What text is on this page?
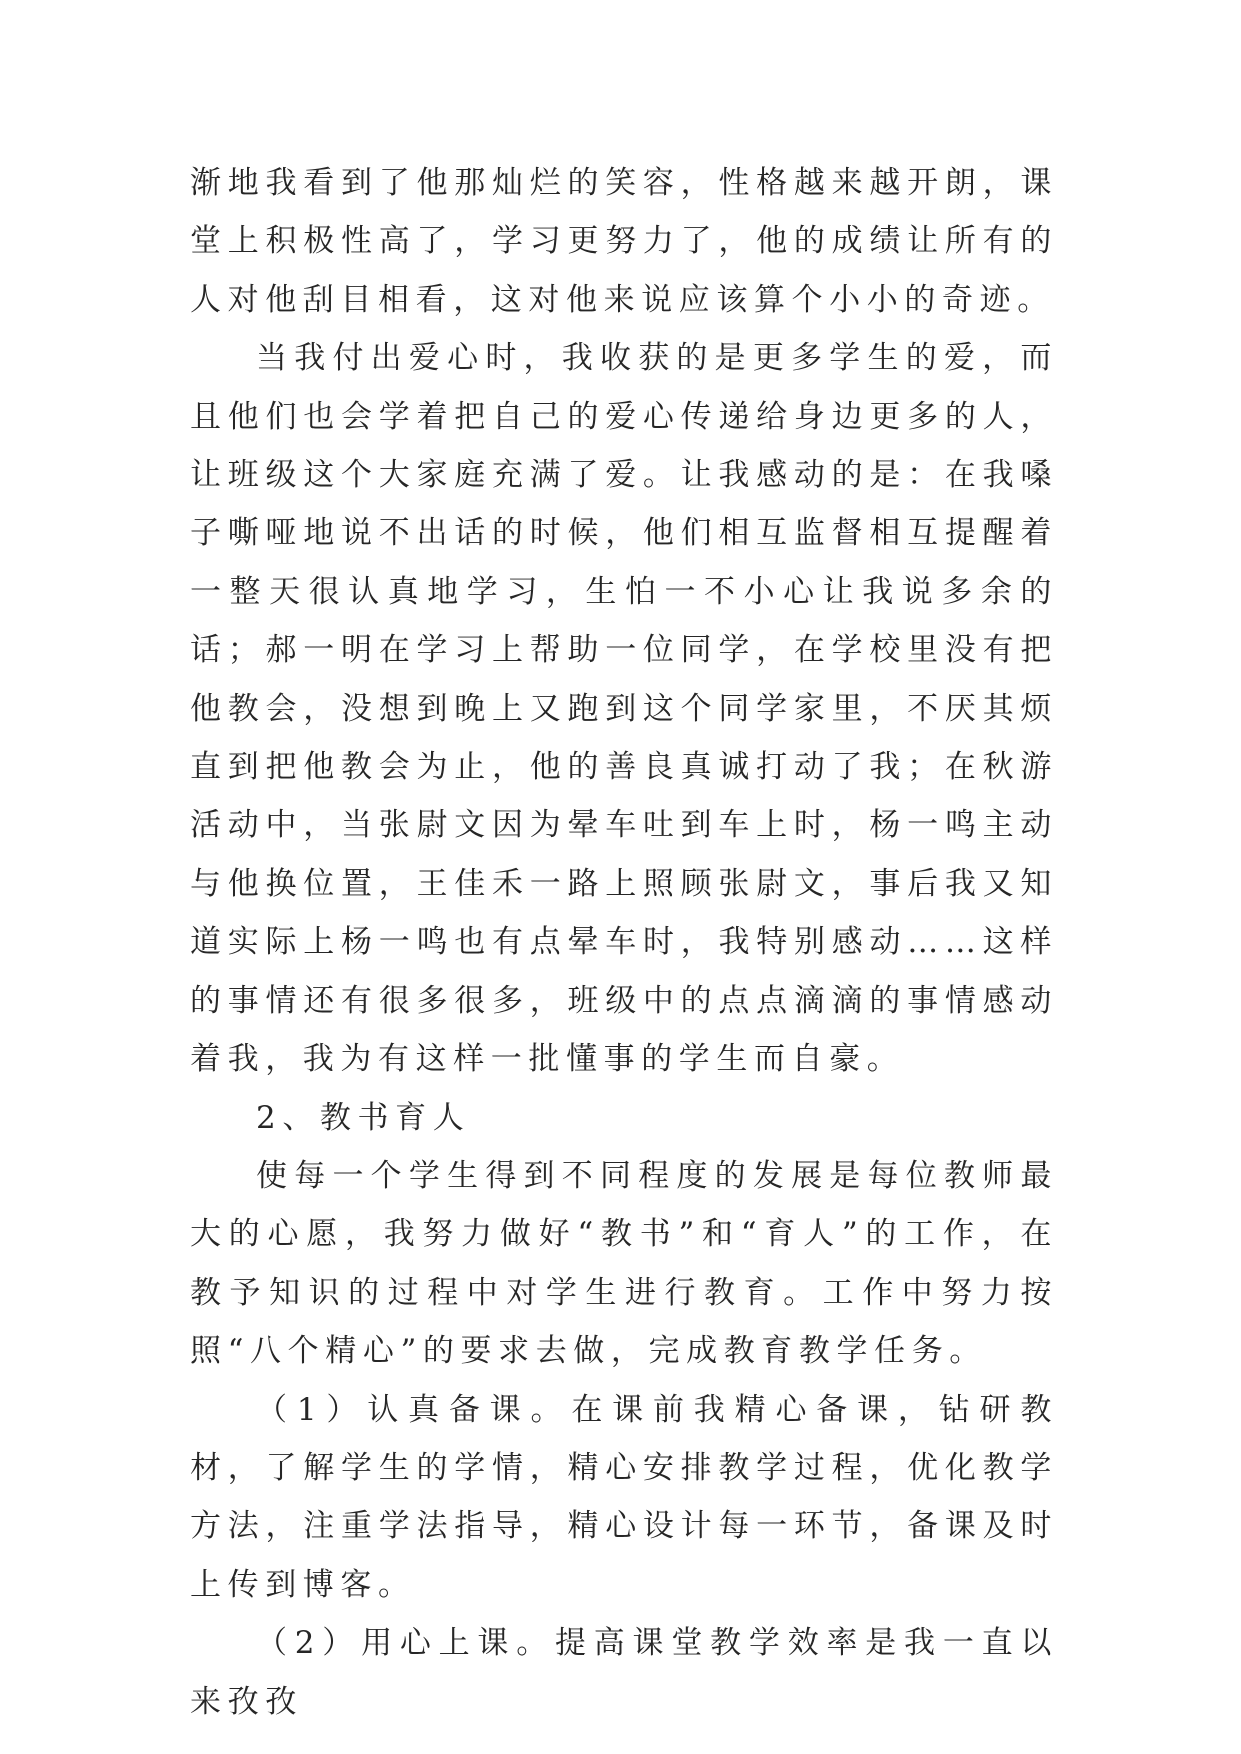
渐地我看到了他那灿烂的笑容，性格越来越开朗，课堂上积极性高了，学习更努力了，他的成绩让所有的人对他刮目相看，这对他来说应该算个小小的奇迹。

当我付出爱心时，我收获的是更多学生的爱，而且他们也会学着把自己的爱心传递给身边更多的人，让班级这个大家庭充满了爱。让我感动的是：在我嗓子嘶哑地说不出话的时候，他们相互监督相互提醒着一整天很认真地学习，生怕一不小心让我说多余的话；郝一明在学习上帮助一位同学，在学校里没有把他教会，没想到晚上又跑到这个同学家里，不厌其烦直到把他教会为止，他的善良真诚打动了我；在秋游活动中，当张尉文因为晕车吐到车上时，杨一鸣主动与他换位置，王佳禾一路上照顾张尉文，事后我又知道实际上杨一鸣也有点晕车时，我特别感动……这样的事情还有很多很多，班级中的点点滴滴的事情感动着我，我为有这样一批懂事的学生而自豪。

2、教书育人

使每一个学生得到不同程度的发展是每位教师最大的心愿，我努力做好“教书”和“育人”的工作，在教予知识的过程中对学生进行教育。工作中努力按照“八个精心”的要求去做，完成教育教学任务。

（1）认真备课。在课前我精心备课，钻研教材，了解学生的学情，精心安排教学过程，优化教学方法，注重学法指导，精心设计每一环节，备课及时上传到博客。

（2）用心上课。提高课堂教学效率是我一直以来孜孜
